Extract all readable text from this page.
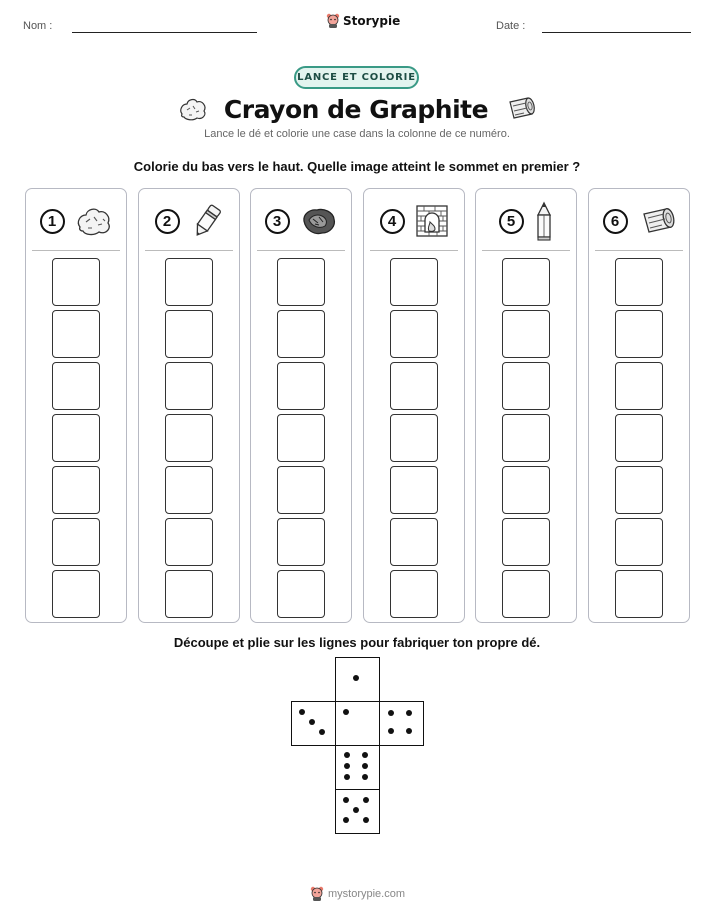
Nom :	Storypie	Date :
LANCE ET COLORIE
Crayon de Graphite
Lance le dé et colorie une case dans la colonne de ce numéro.
Colorie du bas vers le haut. Quelle image atteint le sommet en premier ?
1	2	3	4	5	6
Découpe et plie sur les lignes pour fabriquer ton propre dé.
mystorypie.com
